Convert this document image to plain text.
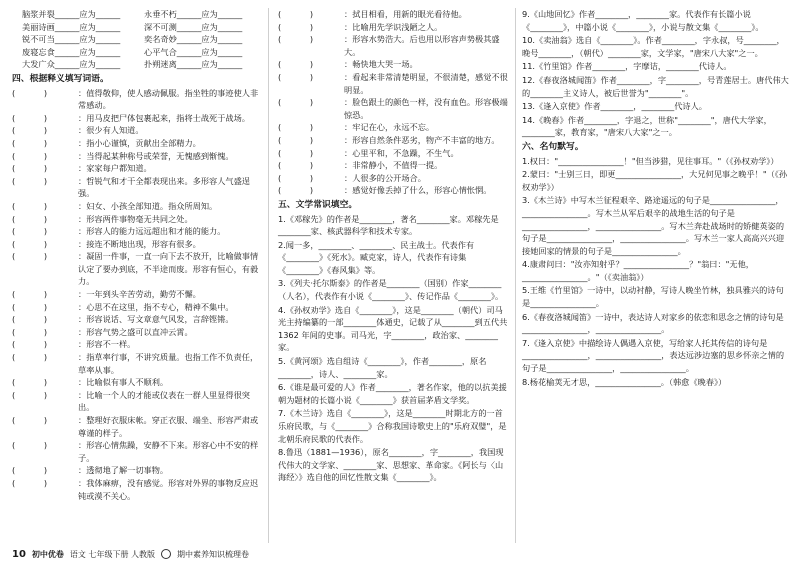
脑浆并裂______应为______	永垂不朽______应为______
美丽诗画______应为______	深不可测______应为______
锐不可当______应为______	奕名奇妙______应为______
废寝忘食______应为______	心平气合______应为______
大发广众______应为______	扑朔迷离______应为______
四、根据释义填写词语。
(           )	：值得敬仰，使人感动佩服。指坐牲的事迹使人非常感动。
(           )	：用马皮把尸体包裹起来，指将士战死于战场。
(           )	：很少有人知道。
(           )	：指小心谨慎，贡献出全部精力。
(           )	：当得起某种称号或荣誉，无愧感到惭愧。
(           )	：家家每户都知道。
(           )	：哲锐气和才干全都表现出来。多形容人气盛逞强。
(           )	：妇女、小孩全部知道。指众所周知。
(           )	：形容两件事物毫无共同之处。
(           )	：形容人的能力远远超出和才能的能力。
(           )	：接连不断地出现，形容有很多。
(           )	：凝固一件事，一直一向下去不放开，比喻做事情认定了要办到底，不半途而废。形容有恒心，有毅力。
(           )	：一年到头辛苦劳动，勤劳不懈。
(           )	：心思不在这里，指不专心，精神不集中。
(           )	：形容说话、写文章意气风发，言辞铿锵。
(           )	：形容气势之盛可以直冲云霄。
(           )	：形容不一样。
(           )	：指草率行事，不讲究质量。也指工作不负责任，草率从事。
(           )	：比喻似有事人不顺利。
(           )	：比喻一个人的才能或仪表在一群人里显得很突出。
(           )	：整理好衣服床帐。穿正衣服、端坐、形容严肃或尊谨的样子。
(           )	：形容心情焦躁，安静不下来。形容心中不安的样子。
(           )	：透彻地了解一切事物。
(           )	：我体麻痹，没有感觉。形容对外界的事物反应迟钝或漠不关心。
(           )	：拭目相看，用新的眼光看待他。
(           )	：比喻用先学识浅陋之人。
(           )	：形容水势浩大。后也用以形容声势极其盛大。
(           )	：畅快地大哭一场。
(           )	：看起来非常清楚明显，不很清楚，感觉不很明显。
(           )	：脸色跟土的颜色一样，没有血色。形容极端惊恐。
(           )	：牢记在心，永远不忘。
(           )	：形容自然条件恶劣，物产不丰富的地方。
(           )	：心里平和，不急躁，不生气。
(           )	：非常静小，不值得一提。
(           )	：人很多的公开场合。
(           )	：感觉好像丢掉了什么，形容心情怅惘。
五、文学常识填空。
1.《邓稼先》的作者是________，著名________家。邓稼先是________家、核武器科学和技术专家。
2.闻一多，________、________、民主战士。代表作有《________》《死水》。臧克家，诗人，代表作有诗集《________》《春风集》等。
3.《列夫·托尔斯泰》的作者是________（国别）作家________（人名），代表作有小说《________》、传记作品《________》。
4.《孙权劝学》选自《________》，这是________（朝代）司马光主持编纂的一部________体通史，记载了从________到五代共 1362 年间的史事。司马光，字________，政治家、________家。
5.《黄河颂》选自组诗《________》，作者________，原名________，诗人、________家。
6.《谁是最可爱的人》作者________，著名作家，他的以抗美援朝为题材的长篇小说《________》获首届茅盾文学奖。
7.《木兰诗》选自《________》，这是________时期北方的一首乐府民歌，与《________》合称我国诗歌史上的"乐府双璧"，是北朝乐府民歌的代表作。
8.鲁迅（1881—1936），原名________，字________，我国现代伟大的文学家、________家、思想家、革命家。《阿长与〈山海经〉》选自他的回忆性散文集《________》。
9.《山地回忆》作者________，________家。代表作有长篇小说《________》，中篇小说《________》，小说与散文集《________》。
10.《卖油翁》选自《________》。作者________，字永叔，号________，晚号________，（朝代）________家，文学家，"唐宋八大家"之一。
11.《竹里馆》作者________，字摩诘，________代诗人。
12.《春夜洛城闻笛》作者________，字________，号青莲居士。唐代伟大的________主义诗人，被后世誉为"________"。
13.《逢入京使》作者________，________代诗人。
14.《晚春》作者________，字退之，世称"________"，唐代大学家，________家，教育家，"唐宋八大家"之一。
六、名句默写。
1.权曰："________________！"但当涉猎，见往事耳。"（《孙权劝学》）
2.蒙曰："士别三日，即更________________，大兄何见事之晚乎！"（《孙权劝学》）
3.《木兰诗》中写木兰征程艰辛、路途遥远的句子是________________，________________。写木兰从军后艰辛的战地生活的句子是________________，________________。写木兰奔赴战场时的矫健英姿的句子是________________，________________。写木兰一家人高高兴兴迎接她回家的情景的句子是________________。
4.康肃问曰："汝亦知射乎？________________？"翁曰："无他，________________。"（《卖油翁》）
5.王维《竹里馆》一诗中，以动衬静，写诗人晚坐竹林，独具雅兴的诗句是________________。
6.《春夜洛城闻笛》一诗中，表达诗人对家乡的依恋和思念之情的诗句是________________，________________。
7.《逢入京使》中描绘诗人偶遇入京使，写给家人托其传信的诗句是________________，________________，表达远涉边塞的思乡怀亲之情的句子是________________，________________。
8.杨花榆荚无才思，________________。（韩愈《晚春》）
10 初中优卷 语文 七年级下册 人教版	期中素养知识梳理卷
